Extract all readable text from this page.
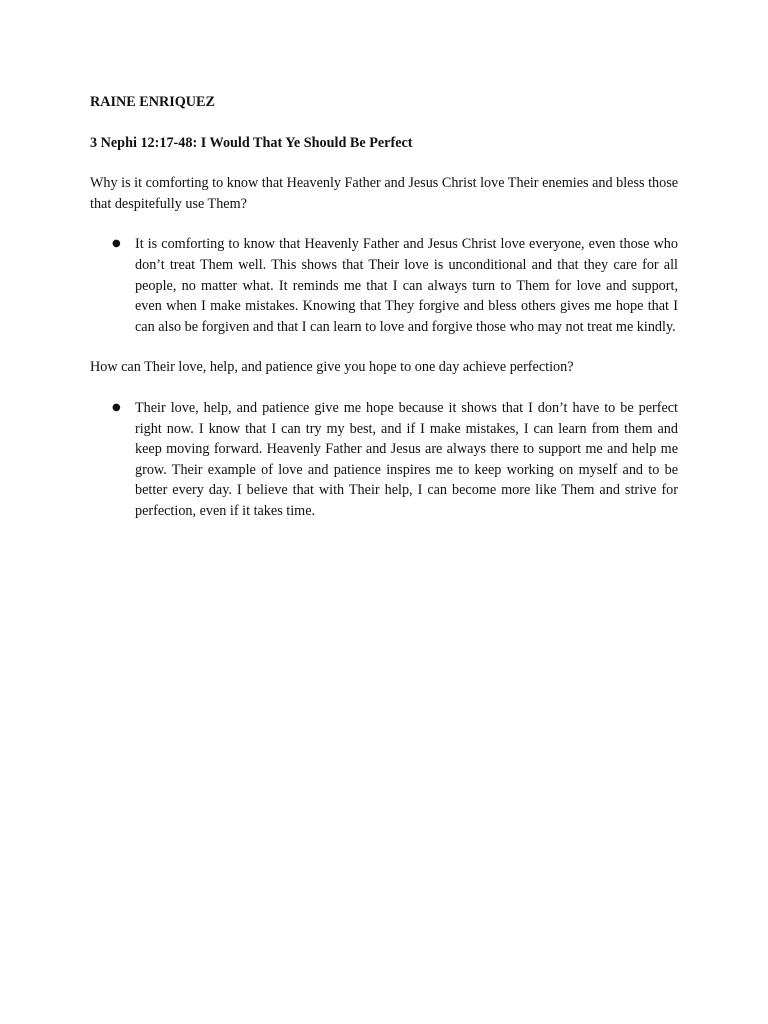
RAINE ENRIQUEZ
3 Nephi 12:17-48: I Would That Ye Should Be Perfect
Why is it comforting to know that Heavenly Father and Jesus Christ love Their enemies and bless those that despitefully use Them?
● It is comforting to know that Heavenly Father and Jesus Christ love everyone, even those who don’t treat Them well. This shows that Their love is unconditional and that they care for all people, no matter what. It reminds me that I can always turn to Them for love and support, even when I make mistakes. Knowing that They forgive and bless others gives me hope that I can also be forgiven and that I can learn to love and forgive those who may not treat me kindly.
How can Their love, help, and patience give you hope to one day achieve perfection?
● Their love, help, and patience give me hope because it shows that I don’t have to be perfect right now. I know that I can try my best, and if I make mistakes, I can learn from them and keep moving forward. Heavenly Father and Jesus are always there to support me and help me grow. Their example of love and patience inspires me to keep working on myself and to be better every day. I believe that with Their help, I can become more like Them and strive for perfection, even if it takes time.
